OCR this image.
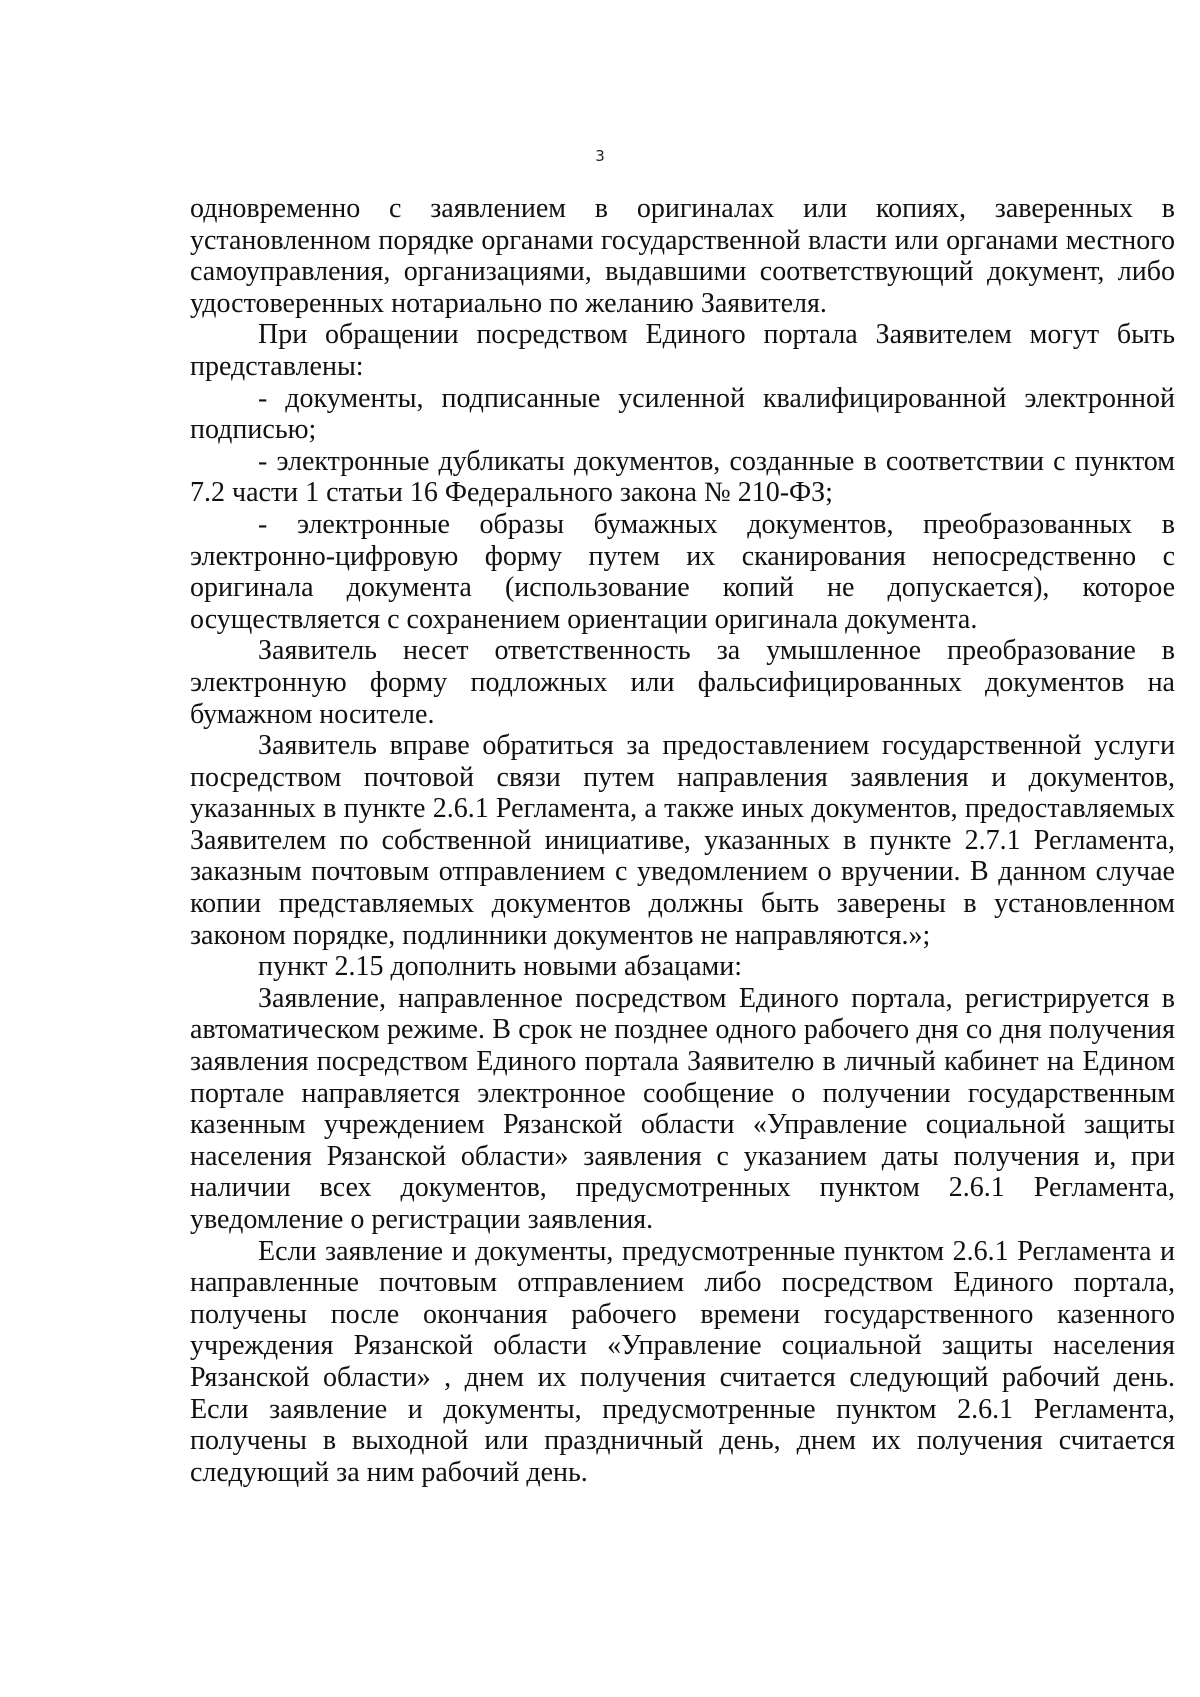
3

одновременно с заявлением в оригиналах или копиях, заверенных в установленном порядке органами государственной власти или органами местного самоуправления, организациями, выдавшими соответствующий документ, либо удостоверенных нотариально по желанию Заявителя.

При обращении посредством Единого портала Заявителем могут быть представлены:

- документы, подписанные усиленной квалифицированной электронной подписью;

- электронные дубликаты документов, созданные в соответствии с пунктом 7.2 части 1 статьи 16 Федерального закона № 210-ФЗ;

- электронные образы бумажных документов, преобразованных в электронно-цифровую форму путем их сканирования непосредственно с оригинала документа (использование копий не допускается), которое осуществляется с сохранением ориентации оригинала документа.

Заявитель несет ответственность за умышленное преобразование в электронную форму подложных или фальсифицированных документов на бумажном носителе.

Заявитель вправе обратиться за предоставлением государственной услуги посредством почтовой связи путем направления заявления и документов, указанных в пункте 2.6.1 Регламента, а также иных документов, предоставляемых Заявителем по собственной инициативе, указанных в пункте 2.7.1 Регламента, заказным почтовым отправлением с уведомлением о вручении. В данном случае копии представляемых документов должны быть заверены в установленном законом порядке, подлинники документов не направляются.»;

пункт 2.15 дополнить новыми абзацами:

Заявление, направленное посредством Единого портала, регистрируется в автоматическом режиме. В срок не позднее одного рабочего дня со дня получения заявления посредством Единого портала Заявителю в личный кабинет на Едином портале направляется электронное сообщение о получении государственным казенным учреждением Рязанской области «Управление социальной защиты населения Рязанской области» заявления с указанием даты получения и, при наличии всех документов, предусмотренных пунктом 2.6.1 Регламента, уведомление о регистрации заявления.

Если заявление и документы, предусмотренные пунктом 2.6.1 Регламента и направленные почтовым отправлением либо посредством Единого портала, получены после окончания рабочего времени государственного казенного учреждения Рязанской области «Управление социальной защиты населения Рязанской области» , днем их получения считается следующий рабочий день. Если заявление и документы, предусмотренные пунктом 2.6.1 Регламента, получены в выходной или праздничный день, днем их получения считается следующий за ним рабочий день.
